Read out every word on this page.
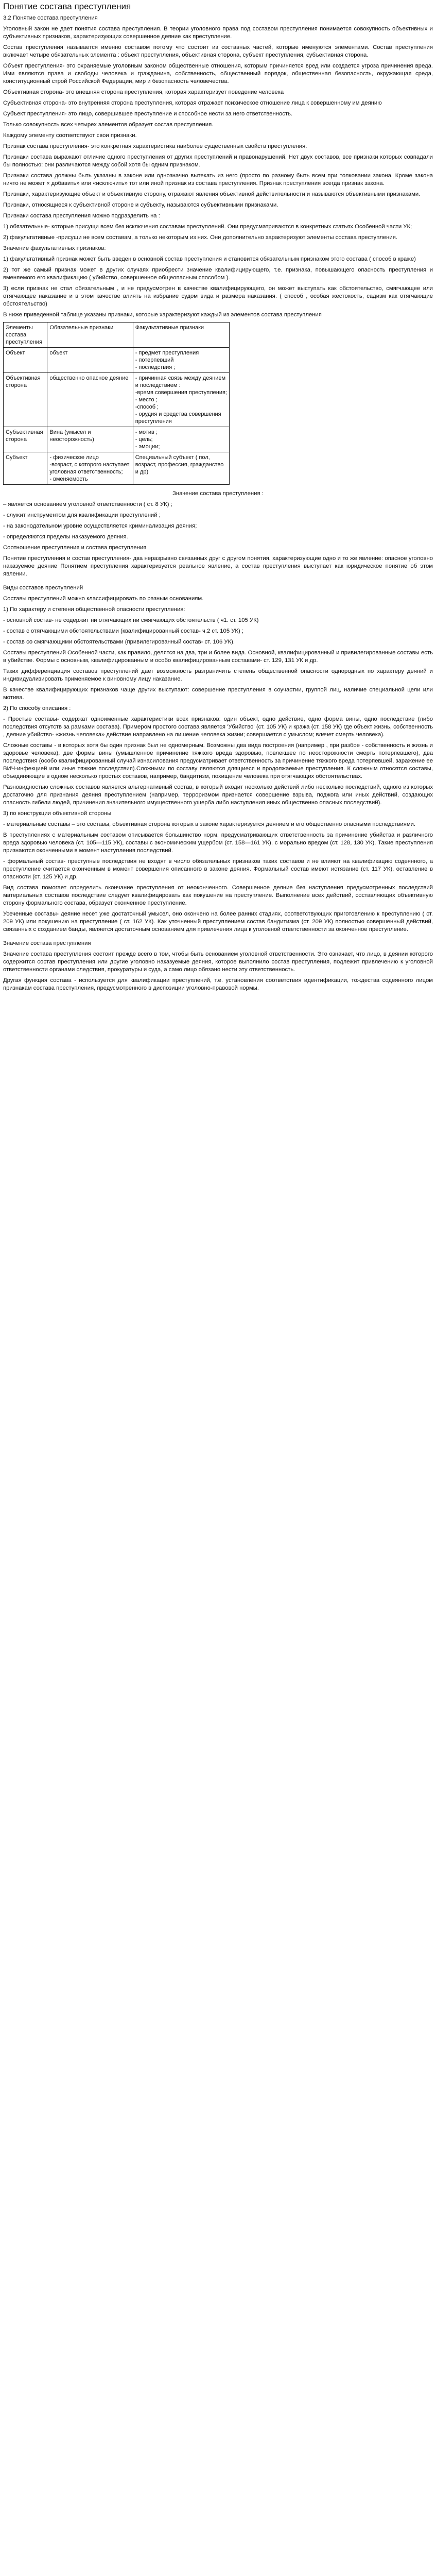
Понятие состава преступления

3.2 Понятие состава преступления

Уголовный закон не дает понятия состава преступления. В теории уголовного права под составом преступления понимается совокупность объективных и субъективных признаков, характеризующих совершенное деяние как преступление.

Состав преступления называется именно составом потому что состоит из составных частей, которые именуются элементами. Состав преступления включает четыре обязательных элемента : объект преступления, объективная сторона, субъект преступления, субъективная сторона.

Объект преступления- это охраняемые уголовным законом общественные отношения, которым причиняется вред или создается угроза причинения вреда. Ими являются права и свободы человека и гражданина, собственность, общественный порядок, общественная безопасность, окружающая среда, конституционный строй Российской Федерации, мир и безопасность человечества.

Объективная сторона- это внешняя сторона преступления, которая характеризует поведение человека

Субъективная сторона- это внутренняя сторона преступления, которая отражает психическое отношение лица к совершенному им деянию

Субъект преступления- это лицо, совершившее преступление и способное нести за него ответственность.

Только совокупность всех четырех элементов образует состав преступления.

Каждому элементу соответствуют свои признаки.

Признак состава преступления- это конкретная характеристика наиболее существенных свойств преступления.

Признаки состава выражают отличие одного преступления от других преступлений и правонарушений. Нет двух составов, все признаки которых совпадали бы полностью: они различаются между собой хотя бы одним признаком.

Признаки состава должны быть указаны в законе или однозначно вытекать из него (просто по разному быть всем при толковании закона. Кроме закона ничто не может « добавить» или «исключить» тот или иной признак из состава преступления. Признак преступления всегда признак закона.

Признаки, характеризующие объект и объективную сторону, отражают явления объективной действительности и называются объективными признаками.

Признаки, относящиеся к субъективной стороне и субъекту, называются субъективными признаками.

Признаки состава преступления можно подразделить на :

1) обязательные- которые присущи всем без исключения составам преступлений. Они предусматриваются в конкретных статьях Особенной части УК;

2) факультативные -присущи не всем составам, а только некоторым из них. Они дополнительно характеризуют элементы состава преступления.

Значение факультативных признаков:

1) факультативный признак может быть введен в основной состав преступления и становится обязательным признаком этого состава ( способ в краже)

2) тот же самый признак может в других случаях приобрести значение квалифицирующего, т.е. признака, повышающего опасность преступления и вменяемого его квалификацию ( убийство, совершенное общеопасным способом ).

3) если признак не стал обязательным , и не предусмотрен в качестве квалифицирующего, он может выступать как обстоятельство, смягчающее или отягчающее наказание и в этом качестве влиять на избрание судом вида и размера наказания. ( способ , особая жестокость, садизм как отягчающие обстоятельство)

В ниже приведенной таблице указаны признаки, которые характеризуют каждый из элементов состава преступления

Элементы состава преступления	Обязательные признаки	Факультативные признаки
Объект	объект	- предмет преступления
- потерпевший
- последствия ;
Объективная сторона	общественно опасное деяние	- причинная связь между деянием и последствием :
-время совершения преступления;
- место ;
-способ ;
- орудия и средства совершения преступления
Субъективная сторона	Вина (умысел и неосторожность)	- мотив ;
- цель;
- эмоции;
Субъект	- физическое лицо
-возраст, с которого наступает уголовная ответственность;
- вменяемость	Специальный субъект ( пол, возраст, профессия, гражданство и др)

Значение состава преступления :

– является основанием уголовной ответственности ( ст. 8 УК) ;

- служит инструментом для квалификации преступлений ;

- на законодательном уровне осуществляется криминализация деяния;

- определяются пределы наказуемого деяния.

Соотношение преступления и состава преступления

Понятие преступления и состав преступления- два неразрывно связанных друг с другом понятия, характеризующие одно и то же явление: опасное уголовно наказуемое деяние Понятием преступления характеризуется реальное явление, а состав преступления выступает как юридическое понятие об этом явлении.

Виды составов преступлений

Составы преступлений можно классифицировать по разным основаниям.

1) По характеру и степени общественной опасности преступления:

- основной состав- не содержит ни отягчающих ни смягчающих обстоятельств ( ч1. ст. 105 УК)

- состав с отягчающими обстоятельствами (квалифицированный состав- ч.2 ст. 105 УК) ;

- состав со смягчающими обстоятельствами (привилегированный состав- ст. 106 УК).

Составы преступлений Особенной части, как правило, делятся на два, три и более вида. Основной, квалифицированный и привилегированные составы есть в убийстве. Формы с основным, квалифицированным и особо квалифицированным составами- ст. 129, 131 УК и др.

Таких дифференциация составов преступлений дает возможность разграничить степень общественной опасности однородных по характеру деяний и индивидуализировать применяемое к виновному лицу наказание.

В качестве квалифицирующих признаков чаще других выступают: совершение преступления в соучастии, группой лиц, наличие специальной цели или мотива.

2) По способу описания :

- Простые составы- содержат одноименные характеристики всех признаков: один объект, одно действие, одно форма вины, одно последствие (либо последствия отсутств за рамками состава). Примером простого состава является 'Убийство' (ст. 105 УК) и кража (ст. 158 УК) где объект жизнь, собственность , деяние убийство- «жизнь человека» действие направлено на лишение человека жизни; совершается с умыслом; влечет смерть человека).

Сложные составы - в которых хотя бы один признак был не одномерным. Возможны два вида построения (например , при разбое - собственность и жизнь и здоровье человека), две формы вины (умышленное причинение тяжкого вреда здоровью, повлекшее по неосторожности смерть потерпевшего), два последствия (особо квалифицированный случай изнасилования предусматривает ответственность за причинение тяжкого вреда потерпевшей, заражение ее ВИЧ-инфекцией или иные тяжкие последствия).Сложными по составу являются длящиеся и продолжаемые преступления. К сложным относятся составы, объединяющие в одном несколько простых составов, например, бандитизм, похищение человека при отягчающих обстоятельствах.

Разновидностью сложных составов является альтернативный состав, в который входит несколько действий либо несколько последствий, одного из которых достаточно для признания деяния преступлением (например, терроризмом признается совершение взрыва, поджога или иных действий, создающих опасность гибели людей, причинения значительного имущественного ущерба либо наступления иных общественно опасных последствий).

3) по конструкции объективной стороны

- материальные составы – это составы, объективная сторона которых в законе характеризуется деянием и его общественно опасными последствиями.

В преступлениях с материальным составом описывается большинство норм, предусматривающих ответственность за причинение убийства и различного вреда здоровью человека (ст. 105—115 УК), составы с экономическим ущербом (ст. 158—161 УК), с морально вредом (ст. 128, 130 УК). Такие преступления признаются оконченными в момент наступления последствий.

- формальный состав- преступные последствия не входят в число обязательных признаков таких составов и не влияют на квалификацию содеянного, а преступление считается оконченным в момент совершения описанного в законе деяния. Формальный состав имеют истязание (ст. 117 УК), оставление в опасности (ст. 125 УК) и др.

Вид состава помогает определить окончание преступления от неоконченного. Совершенное деяние без наступления предусмотренных последствий материальных составов последствие следует квалифицировать как покушение на преступление. Выполнение всех действий, составляющих объективную сторону формального состава, образует оконченное преступление.

Усеченные составы- деяние несет уже достаточный умысел, оно окончено на более ранних стадиях, соответствующих приготовлению к преступлению ( ст. 209 УК) или покушению на преступление ( ст. 162 УК). Как уточненный преступлением состав бандитизма (ст. 209 УК) полностью совершенный действий, связанных с созданием банды, является достаточным основанием для привлечения лица к уголовной ответственности за оконченное преступление.

Значение состава преступления

Значение состава преступления состоит прежде всего в том, чтобы быть основанием уголовной ответственности. Это означает, что лицо, в деянии которого содержится состав преступления или другие уголовно наказуемые деяния, которое выполнило состав преступления, подлежит привлечению к уголовной ответственности органами следствия, прокуратуры и суда, а само лицо обязано нести эту ответственность.

Другая функция состава - используется для квалификации преступлений, т.е. установления соответствия идентификации, тождества содеянного лицом признакам состава преступления, предусмотренного в диспозиции уголовно-правовой нормы.
